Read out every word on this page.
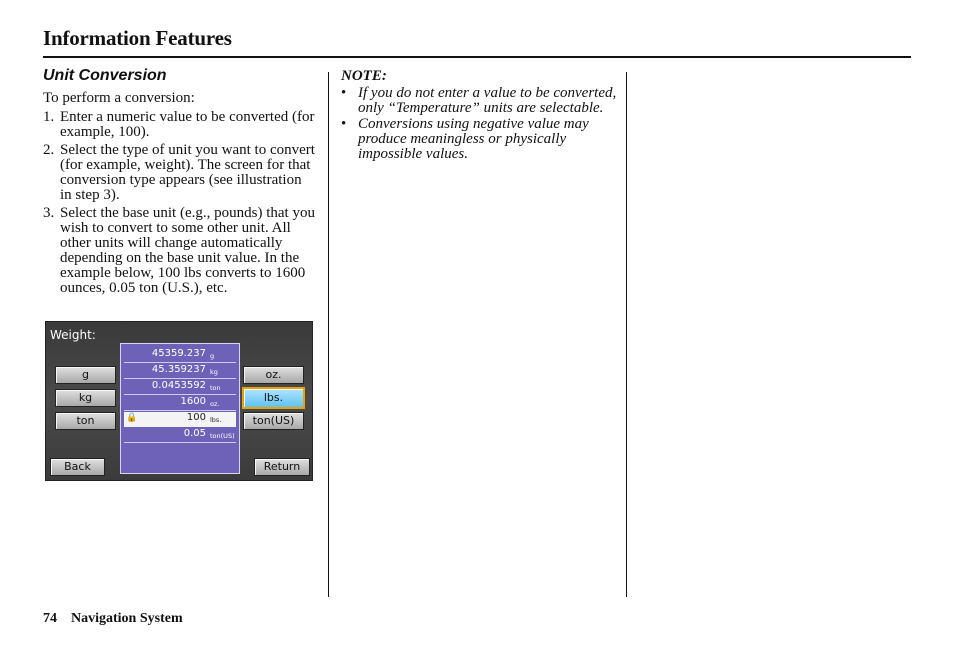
Information Features
Unit Conversion

To perform a conversion:

1. Enter a numeric value to be converted (for example, 100).
2. Select the type of unit you want to convert (for example, weight). The screen for that conversion type appears (see illustration in step 3).
3. Select the base unit (e.g., pounds) that you wish to convert to some other unit. All other units will change automatically depending on the base unit value. In the example below, 100 lbs converts to 1600 ounces, 0.05 ton (U.S.), etc.
Weight:
g
kg
ton
oz.
lbs.
ton(US)
45359.237 g
45.359237 kg
0.0453592 ton
1600 oz.
🔒	100 lbs.
0.05 ton(US)
Back	Return
NOTE:
• If you do not enter a value to be converted, only “Temperature” units are selectable.
• Conversions using negative value may produce meaningless or physically impossible values.
74 Navigation System
